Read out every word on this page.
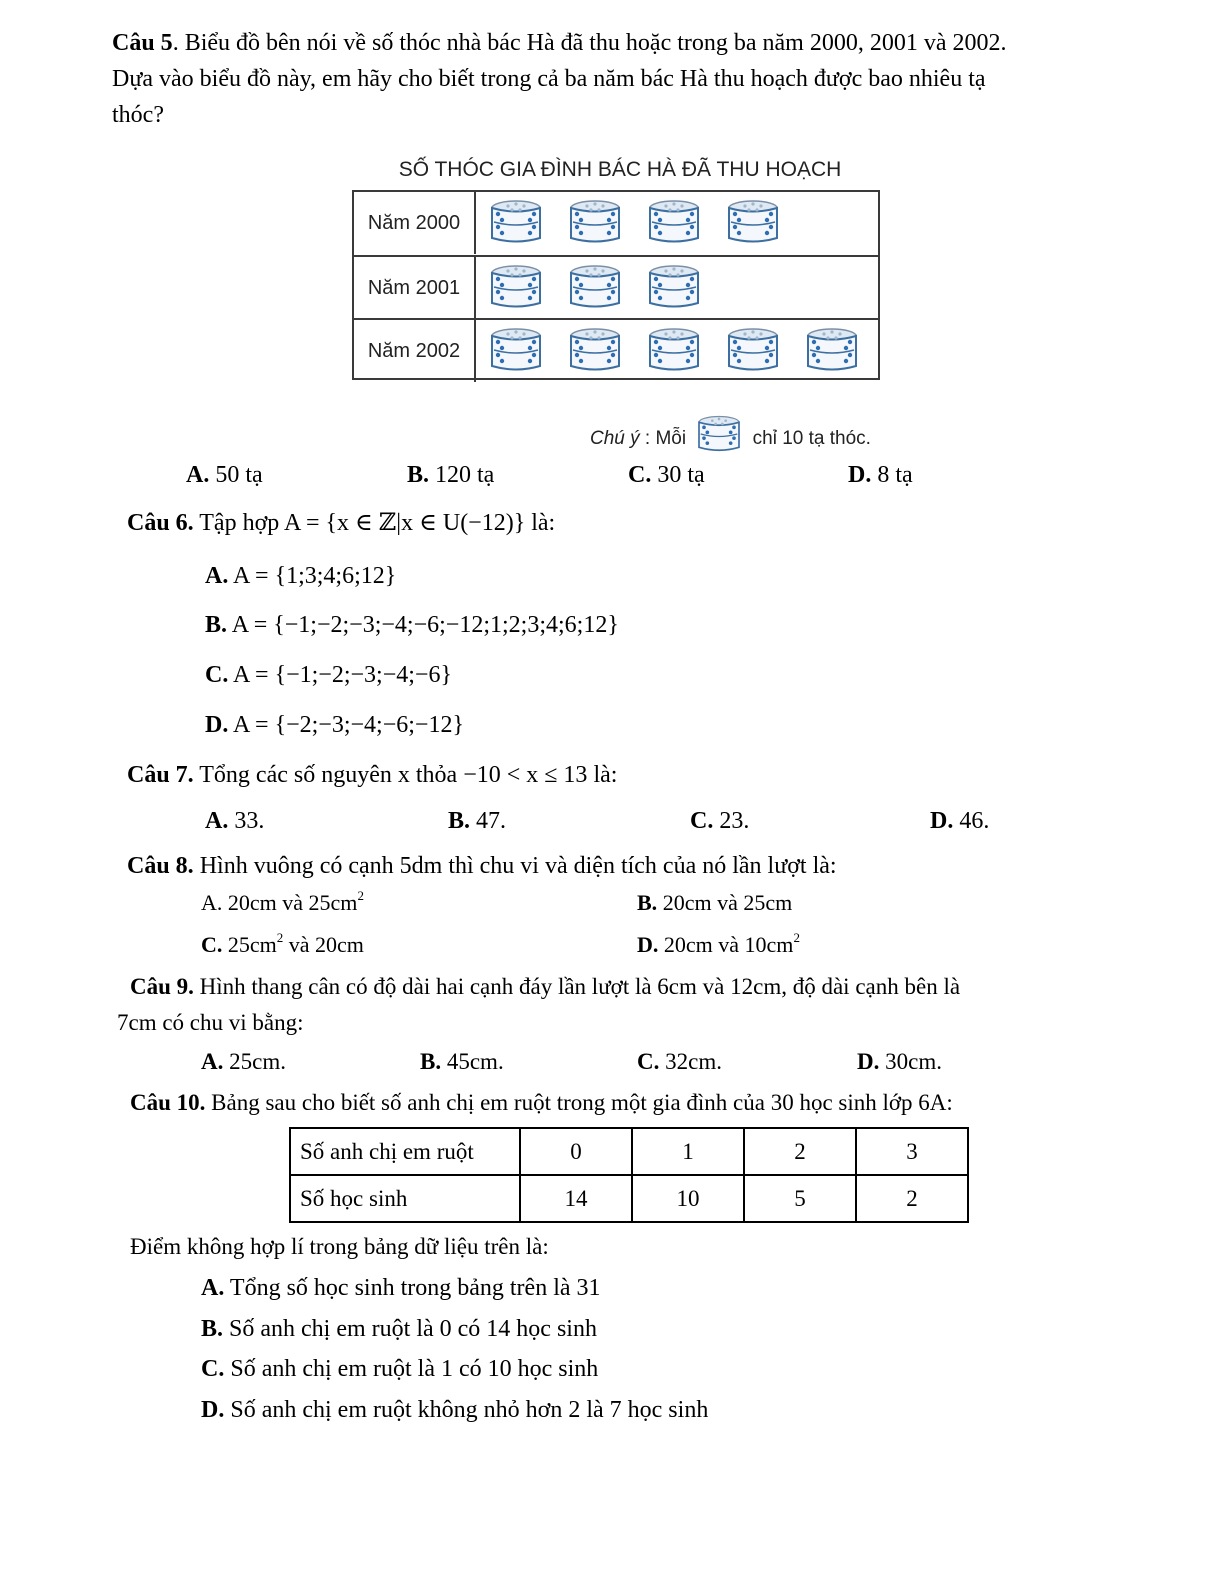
Câu 5. Biểu đồ bên nói về số thóc nhà bác Hà đã thu hoặc trong ba năm 2000, 2001 và 2002.
Dựa vào biểu đồ này, em hãy cho biết trong cả ba năm bác Hà thu hoạch được bao nhiêu tạ
thóc?
SỐ THÓC GIA ĐÌNH BÁC HÀ ĐÃ THU HOẠCH
Năm 2000
Năm 2001
Năm 2002
Chú ý : Mỗi	chỉ 10 tạ thóc.
A. 50 tạ	B. 120 tạ	C. 30 tạ	D. 8 tạ
Câu 6. Tập hợp A = {x ∈ ℤ|x ∈ U(−12)} là:
A. A = {1;3;4;6;12}
B. A = {−1;−2;−3;−4;−6;−12;1;2;3;4;6;12}
C. A = {−1;−2;−3;−4;−6}
D. A = {−2;−3;−4;−6;−12}
Câu 7. Tổng các số nguyên x thỏa −10 < x ≤ 13 là:
A. 33.	B. 47.	C. 23.	D. 46.
Câu 8. Hình vuông có cạnh 5dm thì chu vi và diện tích của nó lần lượt là:
A. 20cm và $25cm^2$	B. 20cm và 25cm
C. $25cm^2$ và 20cm	D. 20cm và $10cm^2$
Câu 9. Hình thang cân có độ dài hai cạnh đáy lần lượt là 6cm và 12cm, độ dài cạnh bên là
7cm có chu vi bằng:
A. 25cm.	B. 45cm.	C. 32cm.	D. 30cm.
Câu 10. Bảng sau cho biết số anh chị em ruột trong một gia đình của 30 học sinh lớp 6A:
Số anh chị em ruột	0	1	2	3
Số học sinh	14	10	5	2
Điểm không hợp lí trong bảng dữ liệu trên là:
A. Tổng số học sinh trong bảng trên là 31
B. Số anh chị em ruột là 0 có 14 học sinh
C. Số anh chị em ruột là 1 có 10 học sinh
D. Số anh chị em ruột không nhỏ hơn 2 là 7 học sinh
